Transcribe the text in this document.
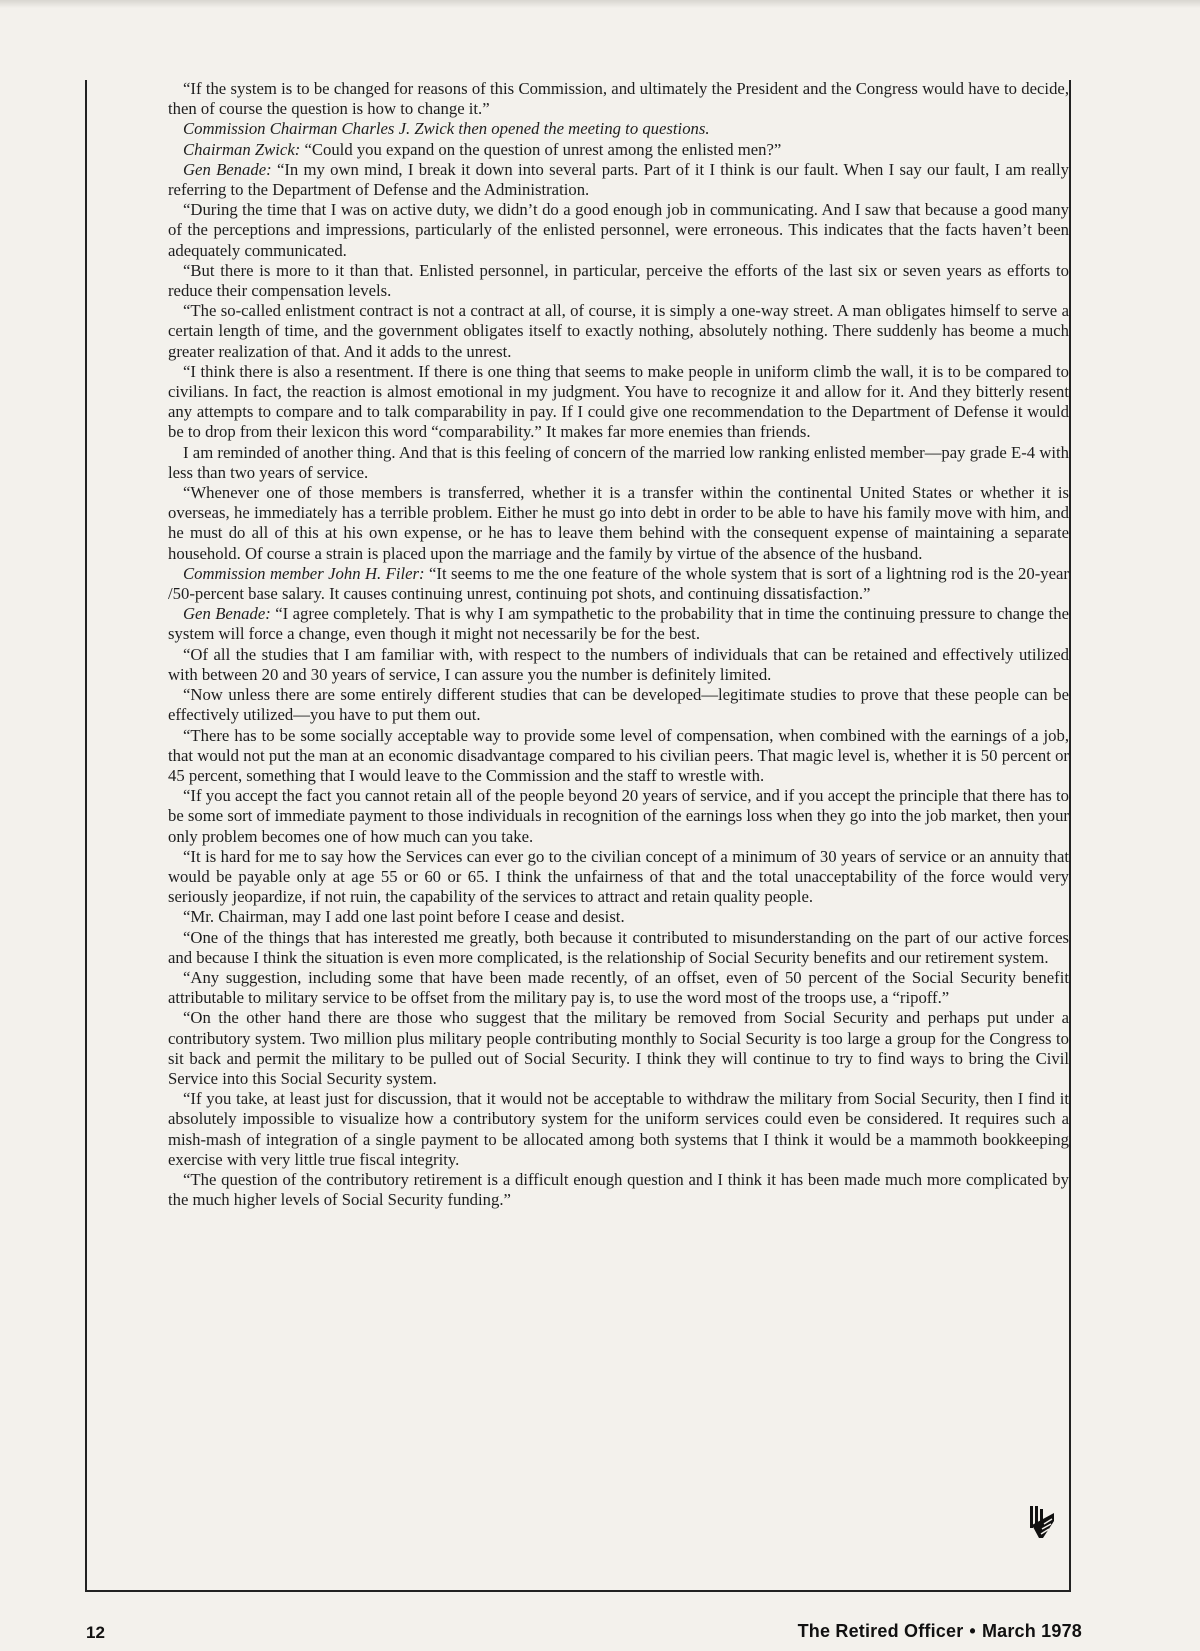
“If the system is to be changed for reasons of this Commission, and ultimately the President and the Congress would have to decide, then of course the question is how to change it.”

Commission Chairman Charles J. Zwick then opened the meeting to questions.

Chairman Zwick: “Could you expand on the question of unrest among the enlisted men?”

Gen Benade: “In my own mind, I break it down into several parts. Part of it I think is our fault. When I say our fault, I am really referring to the Department of Defense and the Administration.

“During the time that I was on active duty, we didn’t do a good enough job in communicating. And I saw that because a good many of the perceptions and impressions, particularly of the enlisted personnel, were erroneous. This indicates that the facts haven’t been adequately communicated.

“But there is more to it than that. Enlisted personnel, in particular, perceive the efforts of the last six or seven years as efforts to reduce their compensation levels.

“The so-called enlistment contract is not a contract at all, of course, it is simply a one-way street. A man obligates himself to serve a certain length of time, and the government obligates itself to exactly nothing, absolutely nothing. There suddenly has beome a much greater realization of that. And it adds to the unrest.

“I think there is also a resentment. If there is one thing that seems to make people in uniform climb the wall, it is to be compared to civilians. In fact, the reaction is almost emotional in my judgment. You have to recognize it and allow for it. And they bitterly resent any attempts to compare and to talk comparability in pay. If I could give one recommendation to the Department of Defense it would be to drop from their lexicon this word “comparability.” It makes far more enemies than friends.

I am reminded of another thing. And that is this feeling of concern of the married low ranking enlisted member—pay grade E-4 with less than two years of service.

“Whenever one of those members is transferred, whether it is a transfer within the continental United States or whether it is overseas, he immediately has a terrible problem. Either he must go into debt in order to be able to have his family move with him, and he must do all of this at his own expense, or he has to leave them behind with the consequent expense of maintaining a separate household. Of course a strain is placed upon the marriage and the family by virtue of the absence of the husband.

Commission member John H. Filer: “It seems to me the one feature of the whole system that is sort of a lightning rod is the 20-year /50-percent base salary. It causes continuing unrest, continuing pot shots, and continuing dissatisfaction.”

Gen Benade: “I agree completely. That is why I am sympathetic to the probability that in time the continuing pressure to change the system will force a change, even though it might not necessarily be for the best.

“Of all the studies that I am familiar with, with respect to the numbers of individuals that can be retained and effectively utilized with between 20 and 30 years of service, I can assure you the number is definitely limited.

“Now unless there are some entirely different studies that can be developed—legitimate studies to prove that these people can be effectively utilized—you have to put them out.

“There has to be some socially acceptable way to provide some level of compensation, when combined with the earnings of a job, that would not put the man at an economic disadvantage compared to his civilian peers. That magic level is, whether it is 50 percent or 45 percent, something that I would leave to the Commission and the staff to wrestle with.

“If you accept the fact you cannot retain all of the people beyond 20 years of service, and if you accept the principle that there has to be some sort of immediate payment to those individuals in recognition of the earnings loss when they go into the job market, then your only problem becomes one of how much can you take.

“It is hard for me to say how the Services can ever go to the civilian concept of a minimum of 30 years of service or an annuity that would be payable only at age 55 or 60 or 65. I think the unfairness of that and the total unacceptability of the force would very seriously jeopardize, if not ruin, the capability of the services to attract and retain quality people.

“Mr. Chairman, may I add one last point before I cease and desist.

“One of the things that has interested me greatly, both because it contributed to misunderstanding on the part of our active forces and because I think the situation is even more complicated, is the relationship of Social Security benefits and our retirement system.

“Any suggestion, including some that have been made recently, of an offset, even of 50 percent of the Social Security benefit attributable to military service to be offset from the military pay is, to use the word most of the troops use, a “ripoff.”

“On the other hand there are those who suggest that the military be removed from Social Security and perhaps put under a contributory system. Two million plus military people contributing monthly to Social Security is too large a group for the Congress to sit back and permit the military to be pulled out of Social Security. I think they will continue to try to find ways to bring the Civil Service into this Social Security system.

“If you take, at least just for discussion, that it would not be acceptable to withdraw the military from Social Security, then I find it absolutely impossible to visualize how a contributory system for the uniform services could even be considered. It requires such a mish-mash of integration of a single payment to be allocated among both systems that I think it would be a mammoth bookkeeping exercise with very little true fiscal integrity.

“The question of the contributory retirement is a difficult enough question and I think it has been made much more complicated by the much higher levels of Social Security funding.”

12	The Retired Officer • March 1978
